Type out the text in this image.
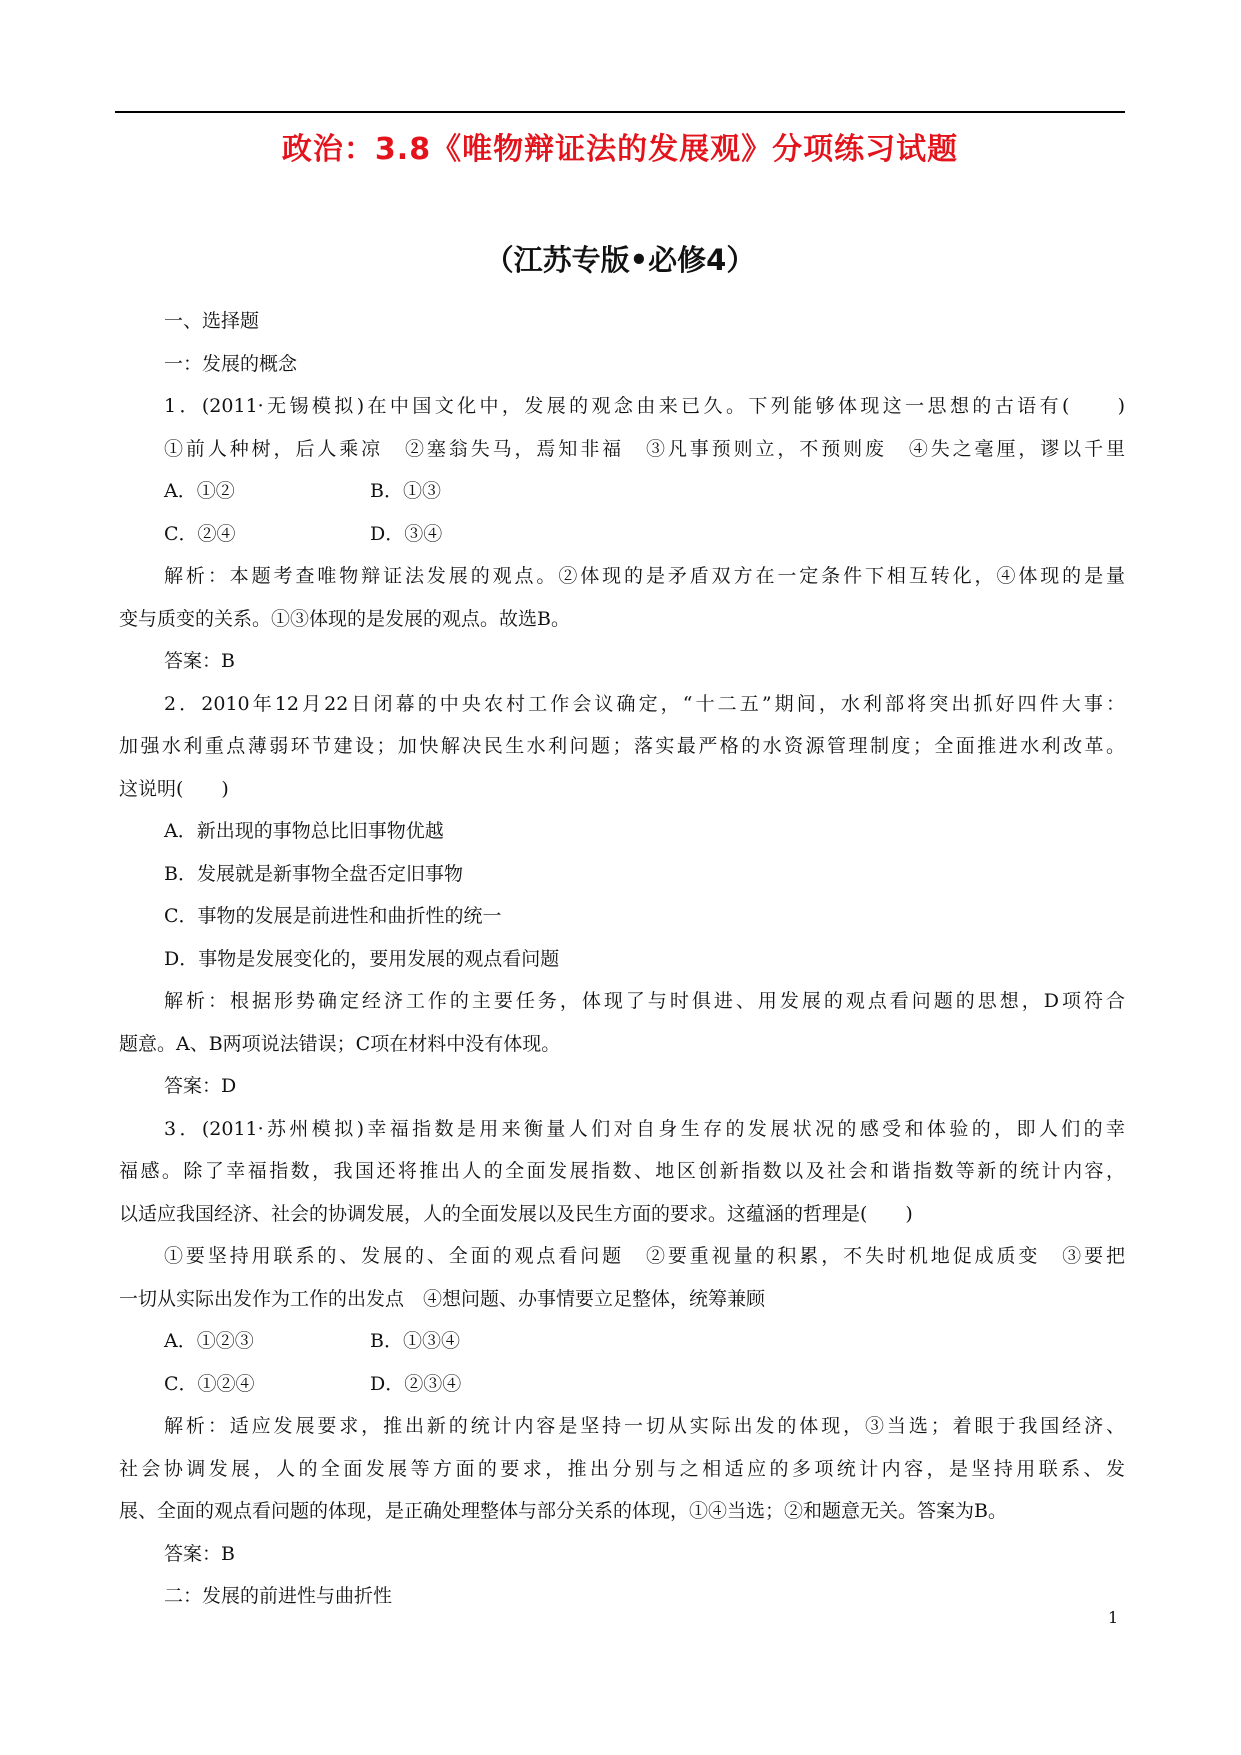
政治：3.8《唯物辩证法的发展观》分项练习试题
（江苏专版•必修4）
一、选择题
一：发展的概念
1．(2011·无锡模拟)在中国文化中，发展的观念由来已久。下列能够体现这一思想的古语有(　　)
①前人种树，后人乘凉　②塞翁失马，焉知非福　③凡事预则立，不预则废　④失之毫厘，谬以千里
A．①②	B．①③
C．②④	D．③④
解析：本题考查唯物辩证法发展的观点。②体现的是矛盾双方在一定条件下相互转化，④体现的是量
变与质变的关系。①③体现的是发展的观点。故选B。
答案：B
2．2010年12月22日闭幕的中央农村工作会议确定，“十二五”期间，水利部将突出抓好四件大事：
加强水利重点薄弱环节建设；加快解决民生水利问题；落实最严格的水资源管理制度；全面推进水利改革。
这说明(　　)
A．新出现的事物总比旧事物优越
B．发展就是新事物全盘否定旧事物
C．事物的发展是前进性和曲折性的统一
D．事物是发展变化的，要用发展的观点看问题
解析：根据形势确定经济工作的主要任务，体现了与时俱进、用发展的观点看问题的思想，D项符合
题意。A、B两项说法错误；C项在材料中没有体现。
答案：D
3．(2011·苏州模拟)幸福指数是用来衡量人们对自身生存的发展状况的感受和体验的，即人们的幸
福感。除了幸福指数，我国还将推出人的全面发展指数、地区创新指数以及社会和谐指数等新的统计内容，
以适应我国经济、社会的协调发展，人的全面发展以及民生方面的要求。这蕴涵的哲理是(　　)
①要坚持用联系的、发展的、全面的观点看问题　②要重视量的积累，不失时机地促成质变　③要把
一切从实际出发作为工作的出发点　④想问题、办事情要立足整体，统筹兼顾
A．①②③	B．①③④
C．①②④	D．②③④
解析：适应发展要求，推出新的统计内容是坚持一切从实际出发的体现，③当选；着眼于我国经济、
社会协调发展，人的全面发展等方面的要求，推出分别与之相适应的多项统计内容，是坚持用联系、发
展、全面的观点看问题的体现，是正确处理整体与部分关系的体现，①④当选；②和题意无关。答案为B。
答案：B
二：发展的前进性与曲折性
1
